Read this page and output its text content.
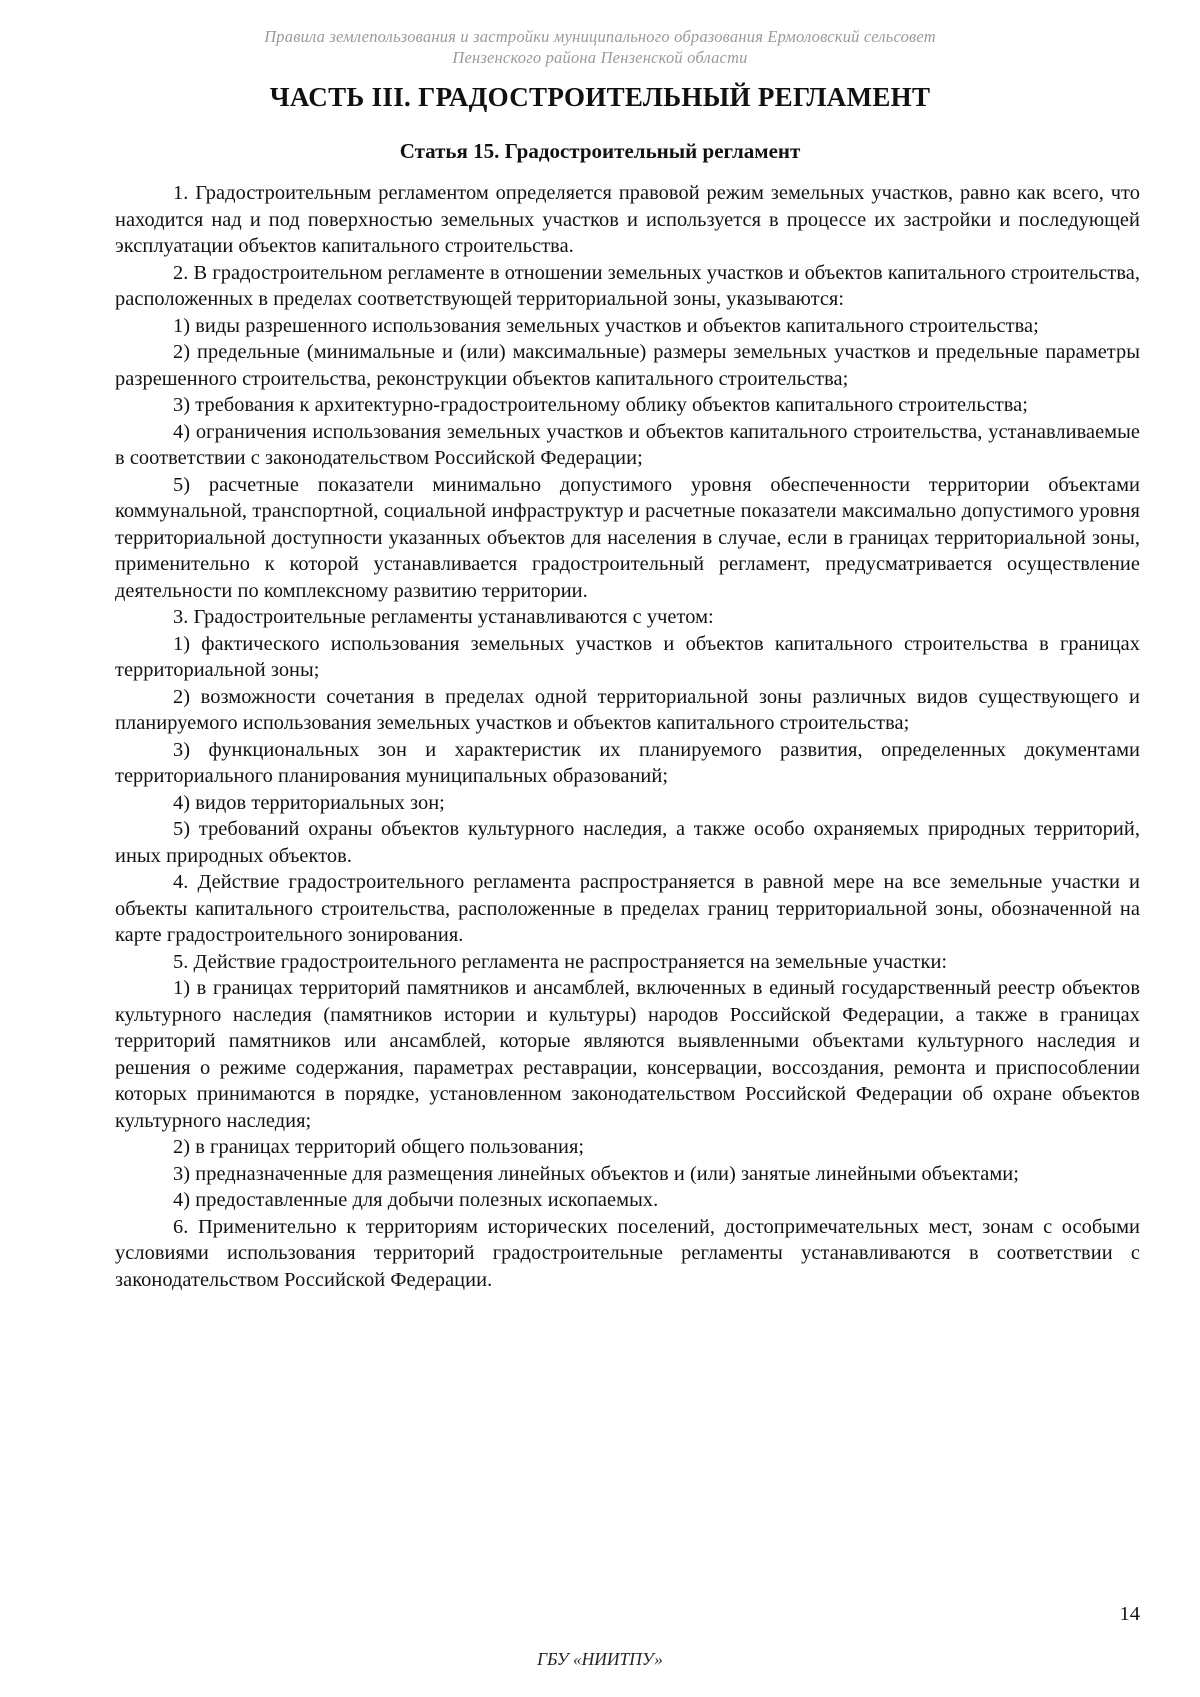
Правила землепользования и застройки муниципального образования Ермоловский сельсовет
Пензенского района Пензенской области
ЧАСТЬ III. ГРАДОСТРОИТЕЛЬНЫЙ РЕГЛАМЕНТ
Статья 15. Градостроительный регламент

1. Градостроительным регламентом определяется правовой режим земельных участков, равно как всего, что находится над и под поверхностью земельных участков и используется в процессе их застройки и последующей эксплуатации объектов капитального строительства.

2. В градостроительном регламенте в отношении земельных участков и объектов капитального строительства, расположенных в пределах соответствующей территориальной зоны, указываются:

1) виды разрешенного использования земельных участков и объектов капитального строительства;

2) предельные (минимальные и (или) максимальные) размеры земельных участков и предельные параметры разрешенного строительства, реконструкции объектов капитального строительства;

3) требования к архитектурно-градостроительному облику объектов капитального строительства;

4) ограничения использования земельных участков и объектов капитального строительства, устанавливаемые в соответствии с законодательством Российской Федерации;

5) расчетные показатели минимально допустимого уровня обеспеченности территории объектами коммунальной, транспортной, социальной инфраструктур и расчетные показатели максимально допустимого уровня территориальной доступности указанных объектов для населения в случае, если в границах территориальной зоны, применительно к которой устанавливается градостроительный регламент, предусматривается осуществление деятельности по комплексному развитию территории.

3. Градостроительные регламенты устанавливаются с учетом:

1) фактического использования земельных участков и объектов капитального строительства в границах территориальной зоны;

2) возможности сочетания в пределах одной территориальной зоны различных видов существующего и планируемого использования земельных участков и объектов капитального строительства;

3) функциональных зон и характеристик их планируемого развития, определенных документами территориального планирования муниципальных образований;

4) видов территориальных зон;

5) требований охраны объектов культурного наследия, а также особо охраняемых природных территорий, иных природных объектов.

4. Действие градостроительного регламента распространяется в равной мере на все земельные участки и объекты капитального строительства, расположенные в пределах границ территориальной зоны, обозначенной на карте градостроительного зонирования.

5. Действие градостроительного регламента не распространяется на земельные участки:

1) в границах территорий памятников и ансамблей, включенных в единый государственный реестр объектов культурного наследия (памятников истории и культуры) народов Российской Федерации, а также в границах территорий памятников или ансамблей, которые являются выявленными объектами культурного наследия и решения о режиме содержания, параметрах реставрации, консервации, воссоздания, ремонта и приспособлении которых принимаются в порядке, установленном законодательством Российской Федерации об охране объектов культурного наследия;

2) в границах территорий общего пользования;

3) предназначенные для размещения линейных объектов и (или) занятые линейными объектами;

4) предоставленные для добычи полезных ископаемых.

6. Применительно к территориям исторических поселений, достопримечательных мест, зонам с особыми условиями использования территорий градостроительные регламенты устанавливаются в соответствии с законодательством Российской Федерации.

14
ГБУ «НИИТПУ»
